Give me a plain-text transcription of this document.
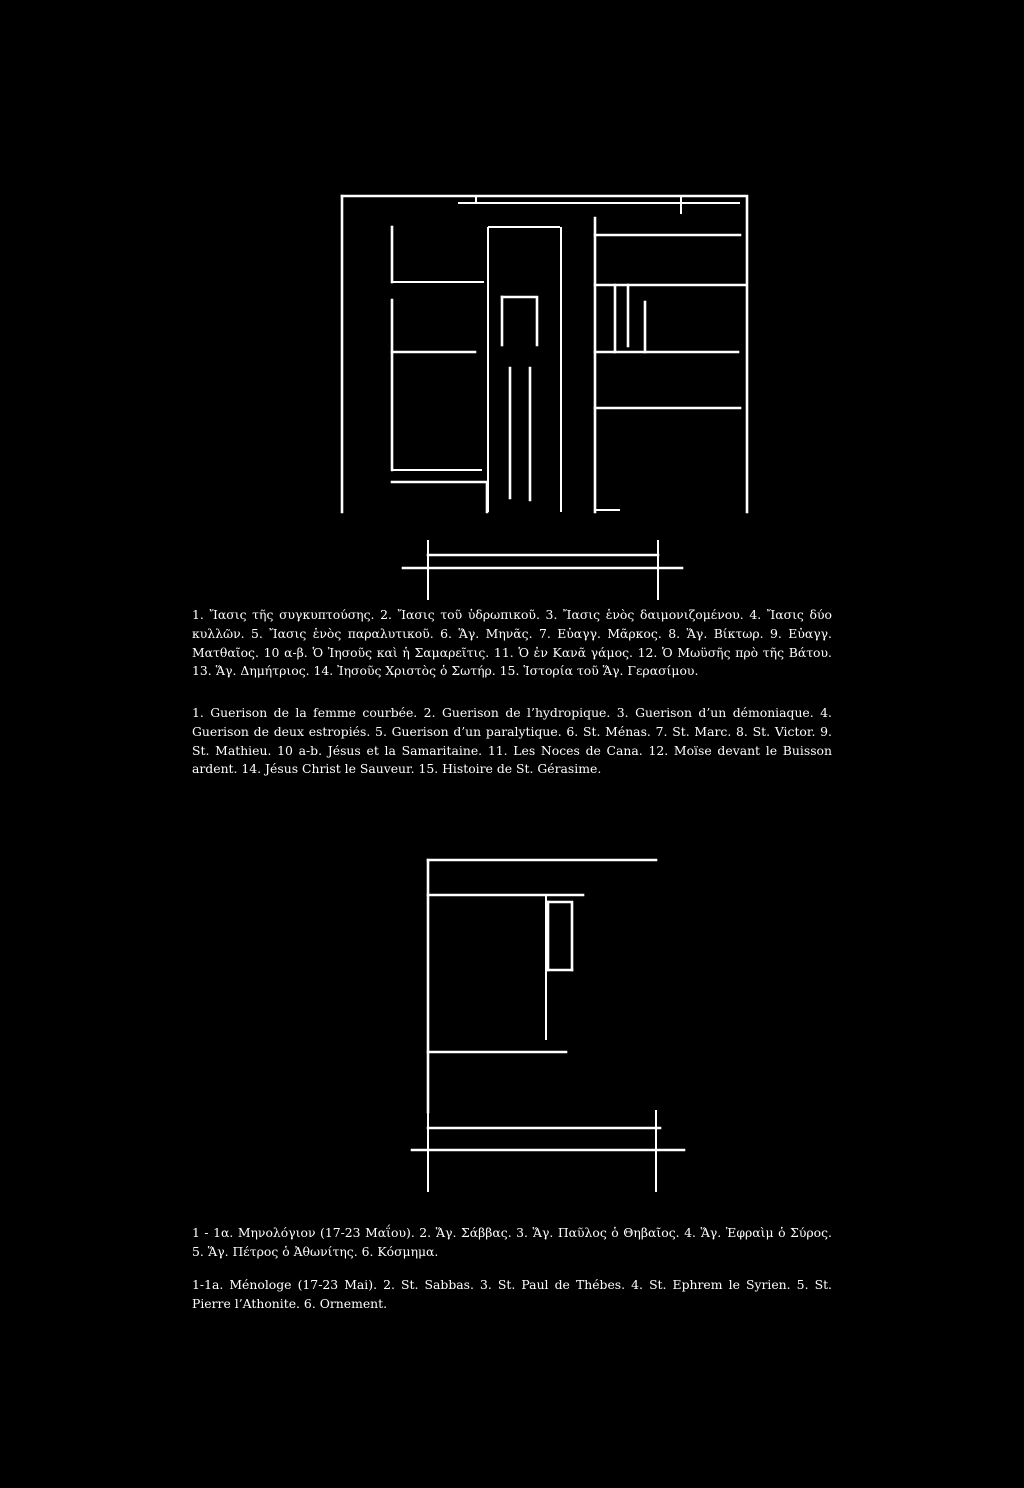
1. Ἴασις τῆς συγκυπτούσης. 2. Ἴασις τοῦ ὑδρωπικοῦ. 3. Ἴασις ἑνὸς δαιμονιζομένου. 4. Ἴασις δύο κυλλῶν. 5. Ἴασις ἑνὸς παραλυτικοῦ. 6. Ἅγ. Μηνᾶς. 7. Εὐαγγ. Μᾶρκος. 8. Ἅγ. Βίκτωρ. 9. Εὐαγγ. Ματθαῖος. 10 α-β. Ὁ Ἰησοῦς καὶ ἡ Σαμαρεῖτις. 11. Ὁ ἐν Κανᾶ γάμος. 12. Ὁ Μωϋσῆς πρὸ τῆς Βάτου. 13. Ἅγ. Δημήτριος. 14. Ἰησοῦς Χριστὸς ὁ Σωτήρ. 15. Ἱστορία τοῦ Ἅγ. Γερασίμου.
1. Guerison de la femme courbée. 2. Guerison de l’hydropique. 3. Guerison d’un démoniaque. 4. Guerison de deux estropiés. 5. Guerison d’un paralytique. 6. St. Ménas. 7. St. Marc. 8. St. Victor. 9. St. Mathieu. 10 a-b. Jésus et la Samaritaine. 11. Les Noces de Cana. 12. Moïse devant le Buisson ardent. 14. Jésus Christ le Sauveur. 15. Histoire de St. Gérasime.
1 - 1α. Μηνολόγιον (17-23 Μαΐου). 2. Ἅγ. Σάββας. 3. Ἅγ. Παῦλος ὁ Θηβαῖος. 4. Ἅγ. Ἐφραὶμ ὁ Σύρος. 5. Ἅγ. Πέτρος ὁ Ἀθωνίτης. 6. Κόσμημα.
1-1a. Ménologe (17-23 Mai). 2. St. Sabbas. 3. St. Paul de Thébes. 4. St. Ephrem le Syrien. 5. St. Pierre l’Athonite. 6. Ornement.
